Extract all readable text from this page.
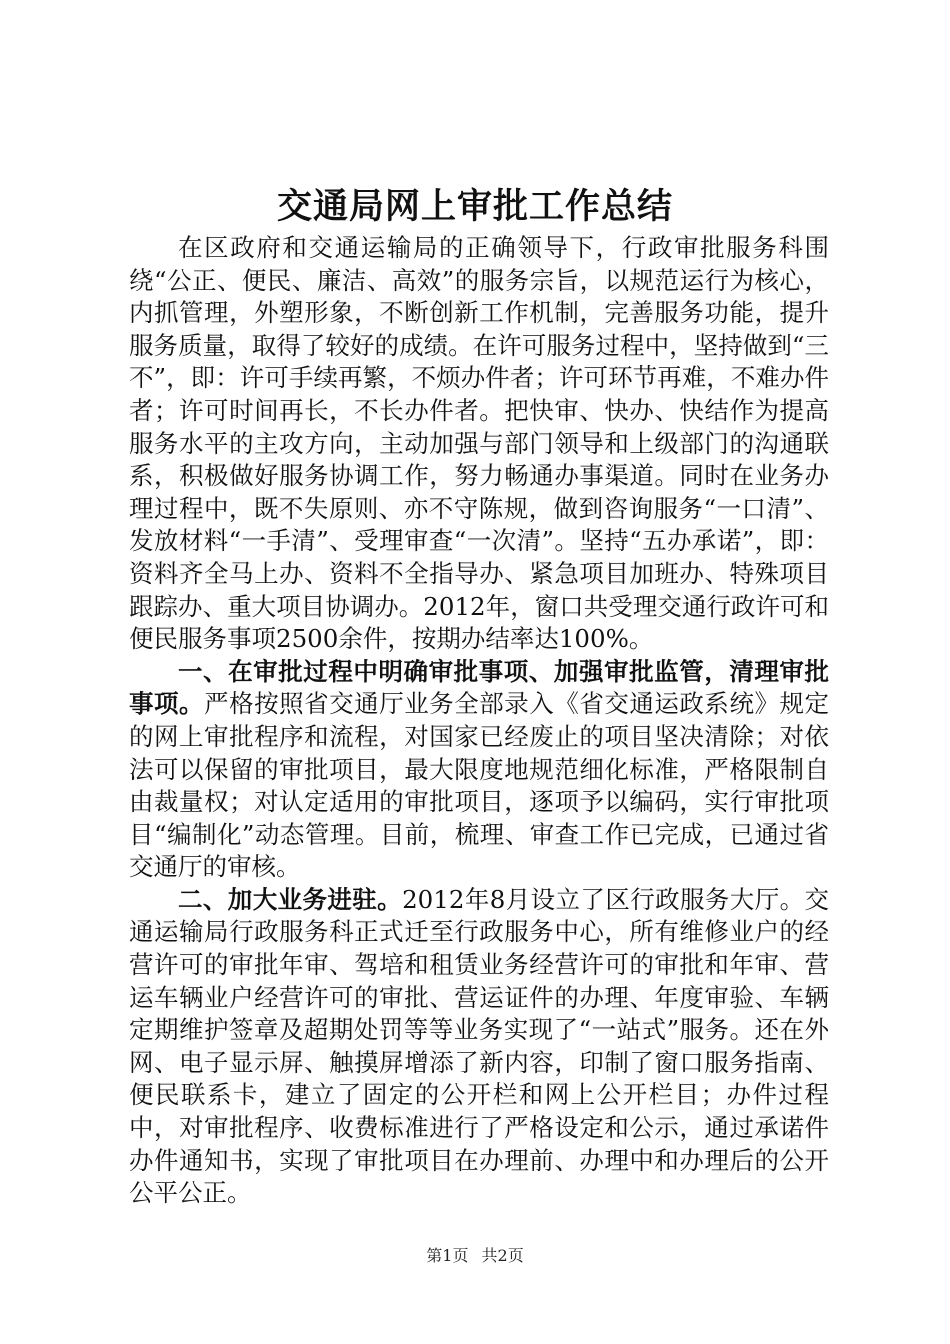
交通局网上审批工作总结

在区政府和交通运输局的正确领导下，行政审批服务科围绕“公正、便民、廉洁、高效”的服务宗旨，以规范运行为核心，内抓管理，外塑形象，不断创新工作机制，完善服务功能，提升服务质量，取得了较好的成绩。在许可服务过程中，坚持做到“三不”，即：许可手续再繁，不烦办件者；许可环节再难，不难办件者；许可时间再长，不长办件者。把快审、快办、快结作为提高服务水平的主攻方向，主动加强与部门领导和上级部门的沟通联系，积极做好服务协调工作，努力畅通办事渠道。同时在业务办理过程中，既不失原则、亦不守陈规，做到咨询服务“一口清”、发放材料“一手清”、受理审查“一次清”。坚持“五办承诺”，即：资料齐全马上办、资料不全指导办、紧急项目加班办、特殊项目跟踪办、重大项目协调办。2012年，窗口共受理交通行政许可和便民服务事项2500余件，按期办结率达100%。

一、在审批过程中明确审批事项、加强审批监管，清理审批事项。严格按照省交通厅业务全部录入《省交通运政系统》规定的网上审批程序和流程，对国家已经废止的项目坚决清除；对依法可以保留的审批项目，最大限度地规范细化标准，严格限制自由裁量权；对认定适用的审批项目，逐项予以编码，实行审批项目“编制化”动态管理。目前，梳理、审查工作已完成，已通过省交通厅的审核。

二、加大业务进驻。2012年8月设立了区行政服务大厅。交通运输局行政服务科正式迁至行政服务中心，所有维修业户的经营许可的审批年审、驾培和租赁业务经营许可的审批和年审、营运车辆业户经营许可的审批、营运证件的办理、年度审验、车辆定期维护签章及超期处罚等等业务实现了“一站式”服务。还在外网、电子显示屏、触摸屏增添了新内容，印制了窗口服务指南、便民联系卡，建立了固定的公开栏和网上公开栏目；办件过程中，对审批程序、收费标准进行了严格设定和公示，通过承诺件办件通知书，实现了审批项目在办理前、办理中和办理后的公开公平公正。

第1页 共2页
